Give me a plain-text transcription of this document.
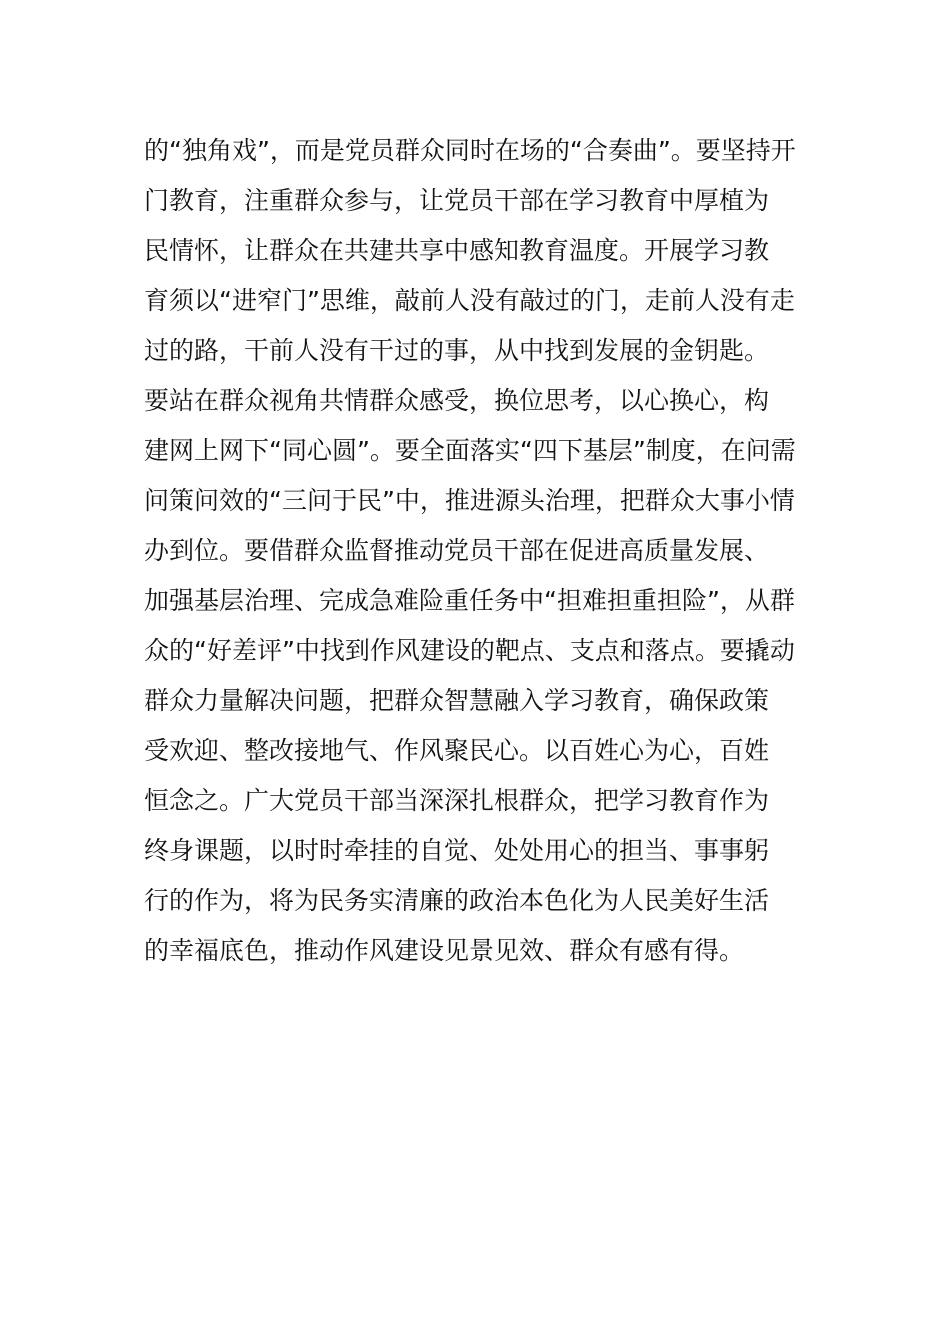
的“独角戏”，而是党员群众同时在场的“合奏曲”。要坚持开
门教育，注重群众参与，让党员干部在学习教育中厚植为
民情怀，让群众在共建共享中感知教育温度。开展学习教
育须以“进窄门”思维，敲前人没有敲过的门，走前人没有走
过的路，干前人没有干过的事，从中找到发展的金钥匙。
要站在群众视角共情群众感受，换位思考，以心换心，构
建网上网下“同心圆”。要全面落实“四下基层”制度，在问需
问策问效的“三问于民”中，推进源头治理，把群众大事小情
办到位。要借群众监督推动党员干部在促进高质量发展、
加强基层治理、完成急难险重任务中“担难担重担险”，从群
众的“好差评”中找到作风建设的靶点、支点和落点。要撬动
群众力量解决问题，把群众智慧融入学习教育，确保政策
受欢迎、整改接地气、作风聚民心。以百姓心为心，百姓
恒念之。广大党员干部当深深扎根群众，把学习教育作为
终身课题，以时时牵挂的自觉、处处用心的担当、事事躬
行的作为，将为民务实清廉的政治本色化为人民美好生活
的幸福底色，推动作风建设见景见效、群众有感有得。
